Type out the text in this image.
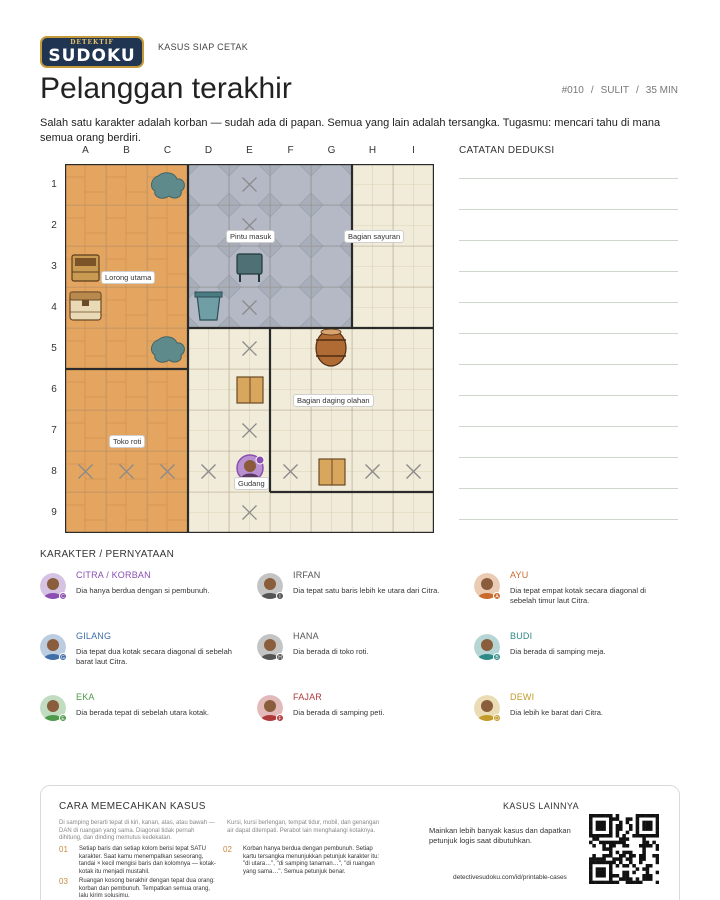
DETEKTIF
SUDOKU	KASUS SIAP CETAK
Pelanggan terakhir	#010 / SULIT / 35 MIN
Salah satu karakter adalah korban — sudah ada di papan. Semua yang lain adalah tersangka. Tugasmu: mencari tahu di mana semua orang berdiri.
A	B	C	D	E	F	G	H	I
1
2
3
4
5
6
7
8
9
Pintu masuk	Bagian sayuran
Lorong utama
Bagian daging olahan
Toko roti
Gudang
CATATAN DEDUKSI
KARAKTER / PERNYATAAN
C
CITRA / KORBAN
Dia hanya berdua dengan si pembunuh.
I
IRFAN
Dia tepat satu baris lebih ke utara dari Citra.
A
AYU
Dia tepat empat kotak secara diagonal di sebelah timur laut Citra.
G
GILANG
Dia tepat dua kotak secara diagonal di sebelah barat laut Citra.	H
HANA
Dia berada di toko roti.
B
BUDI
Dia berada di samping meja.
E
EKA
Dia berada tepat di sebelah utara kotak.
F
FAJAR
Dia berada di samping peti.
D
DEWI
Dia lebih ke barat dari Citra.
CARA MEMECAHKAN KASUS
Di samping berarti tepat di kiri, kanan, atas, atau bawah — DAN di ruangan yang sama. Diagonal tidak pernah dihitung, dan dinding memutus kedekatan.
Kursi, kursi berlengan, tempat tidur, mobil, dan genangan air dapat ditempati. Perabot lain menghalangi kotaknya.
01 Setiap baris dan setiap kolom berisi tepat SATU karakter. Saat kamu menempatkan seseorang, tandai × kecil mengisi baris dan kolomnya — kotak-kotak itu menjadi mustahil.
02 Korban hanya berdua dengan pembunuh. Setiap kartu tersangka menunjukkan petunjuk karakter itu: "di utara…", "di samping tanaman…", "di ruangan yang sama…". Semua petunjuk benar.
03 Ruangan kosong berakhir dengan tepat dua orang: korban dan pembunuh. Tempatkan semua orang, lalu kirim solusimu.
KASUS LAINNYA
Mainkan lebih banyak kasus dan dapatkan petunjuk logis saat dibutuhkan.
detectivesudoku.com/id/printable-cases
